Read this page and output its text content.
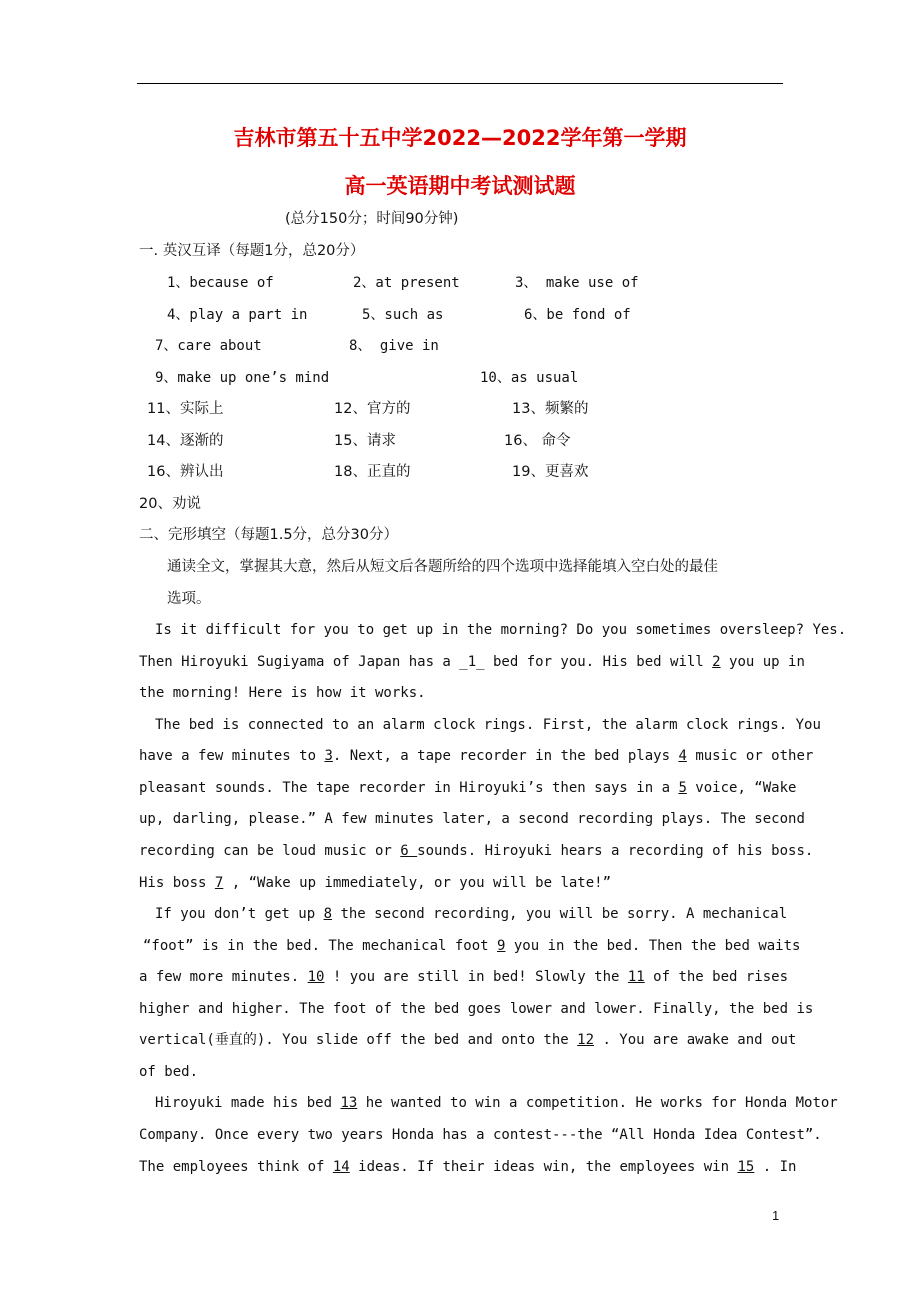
吉林市第五十五中学2022—2022学年第一学期
高一英语期中考试测试题
(总分150分；时间90分钟)
一. 英汉互译（每题1分，总20分）
1、because of	2、at present	3、 make use of
4、play a part in	5、such as	6、be fond of
7、care about	8、 give in
9、make up one’s mind	10、as usual
11、实际上	12、官方的	13、频繁的
14、逐渐的	15、请求	16、 命令
16、辨认出	18、正直的	19、更喜欢
20、劝说
二、完形填空（每题1.5分，总分30分）
通读全文，掌握其大意，然后从短文后各题所给的四个选项中选择能填入空白处的最佳
选项。
Is it difficult for you to get up in the morning? Do you sometimes oversleep? Yes.
Then Hiroyuki Sugiyama of Japan has a _1_ bed for you. His bed will 2 you up in
the morning! Here is how it works.
The bed is connected to an alarm clock rings. First, the alarm clock rings. You
have a few minutes to 3. Next, a tape recorder in the bed plays 4 music or other
pleasant sounds. The tape recorder in Hiroyuki’s then says in a 5 voice, “Wake
up, darling, please.” A few minutes later, a second recording plays. The second
recording can be loud music or 6 sounds. Hiroyuki hears a recording of his boss.
His boss 7 , “Wake up immediately, or you will be late!”
If you don’t get up 8 the second recording, you will be sorry. A mechanical
“foot” is in the bed. The mechanical foot 9 you in the bed. Then the bed waits
a few more minutes. 10 ! you are still in bed! Slowly the 11 of the bed rises
higher and higher. The foot of the bed goes lower and lower. Finally, the bed is
vertical(垂直的). You slide off the bed and onto the 12 . You are awake and out
of bed.
Hiroyuki made his bed 13 he wanted to win a competition. He works for Honda Motor
Company. Once every two years Honda has a contest---the “All Honda Idea Contest”.
The employees think of 14 ideas. If their ideas win, the employees win 15 . In
1
